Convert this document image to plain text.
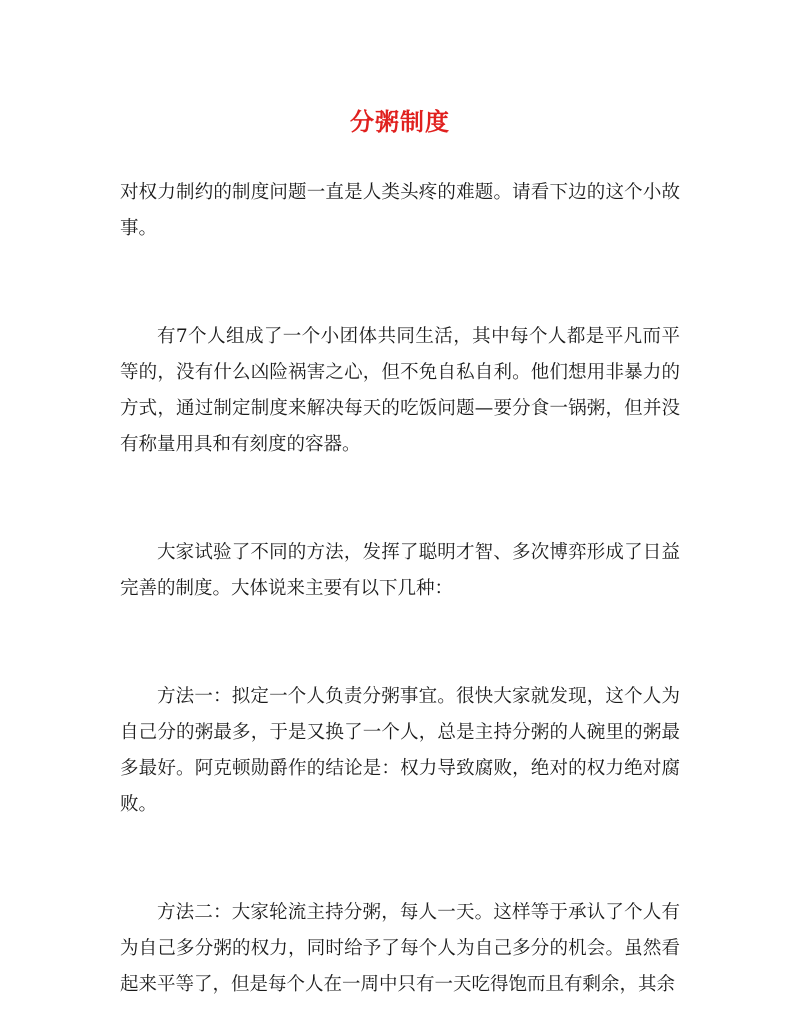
分粥制度

对权力制约的制度问题一直是人类头疼的难题。请看下边的这个小故事。

有7个人组成了一个小团体共同生活，其中每个人都是平凡而平等的，没有什么凶险祸害之心，但不免自私自利。他们想用非暴力的方式，通过制定制度来解决每天的吃饭问题—要分食一锅粥，但并没有称量用具和有刻度的容器。

大家试验了不同的方法，发挥了聪明才智、多次博弈形成了日益完善的制度。大体说来主要有以下几种：

方法一：拟定一个人负责分粥事宜。很快大家就发现，这个人为自己分的粥最多，于是又换了一个人，总是主持分粥的人碗里的粥最多最好。阿克顿勋爵作的结论是：权力导致腐败，绝对的权力绝对腐败。

方法二：大家轮流主持分粥，每人一天。这样等于承认了个人有为自己多分粥的权力，同时给予了每个人为自己多分的机会。虽然看起来平等了，但是每个人在一周中只有一天吃得饱而且有剩余，其余
